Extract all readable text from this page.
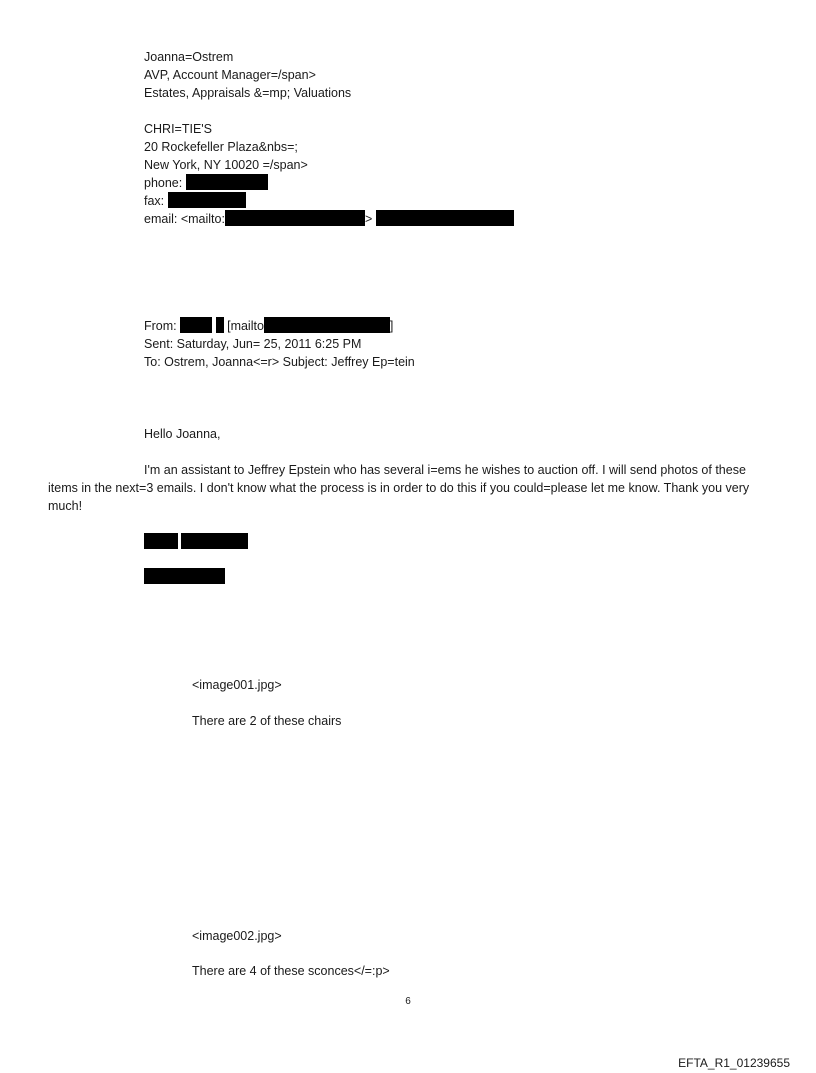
Joanna=Ostrem
AVP, Account Manager=/span>
Estates, Appraisals &=mp; Valuations
CHRI=TIE'S
20 Rockefeller Plaza&nbs=;
New York, NY 10020 =/span>
phone:
fax:
email: <mailto:	>
From:	[mailto	]
Sent: Saturday, Jun= 25, 2011 6:25 PM
To: Ostrem, Joanna<=r> Subject: Jeffrey Ep=tein
Hello Joanna,
I'm an assistant to Jeffrey Epstein who has several i=ems he wishes to auction off. I will send photos of these items in the next=3 emails. I don't know what the process is in order to do this if you could=please let me know. Thank you very much!
<image001.jpg>
There are 2 of these chairs
<image002.jpg>
There are 4 of these sconces</=:p>
6
EFTA_R1_01239655
